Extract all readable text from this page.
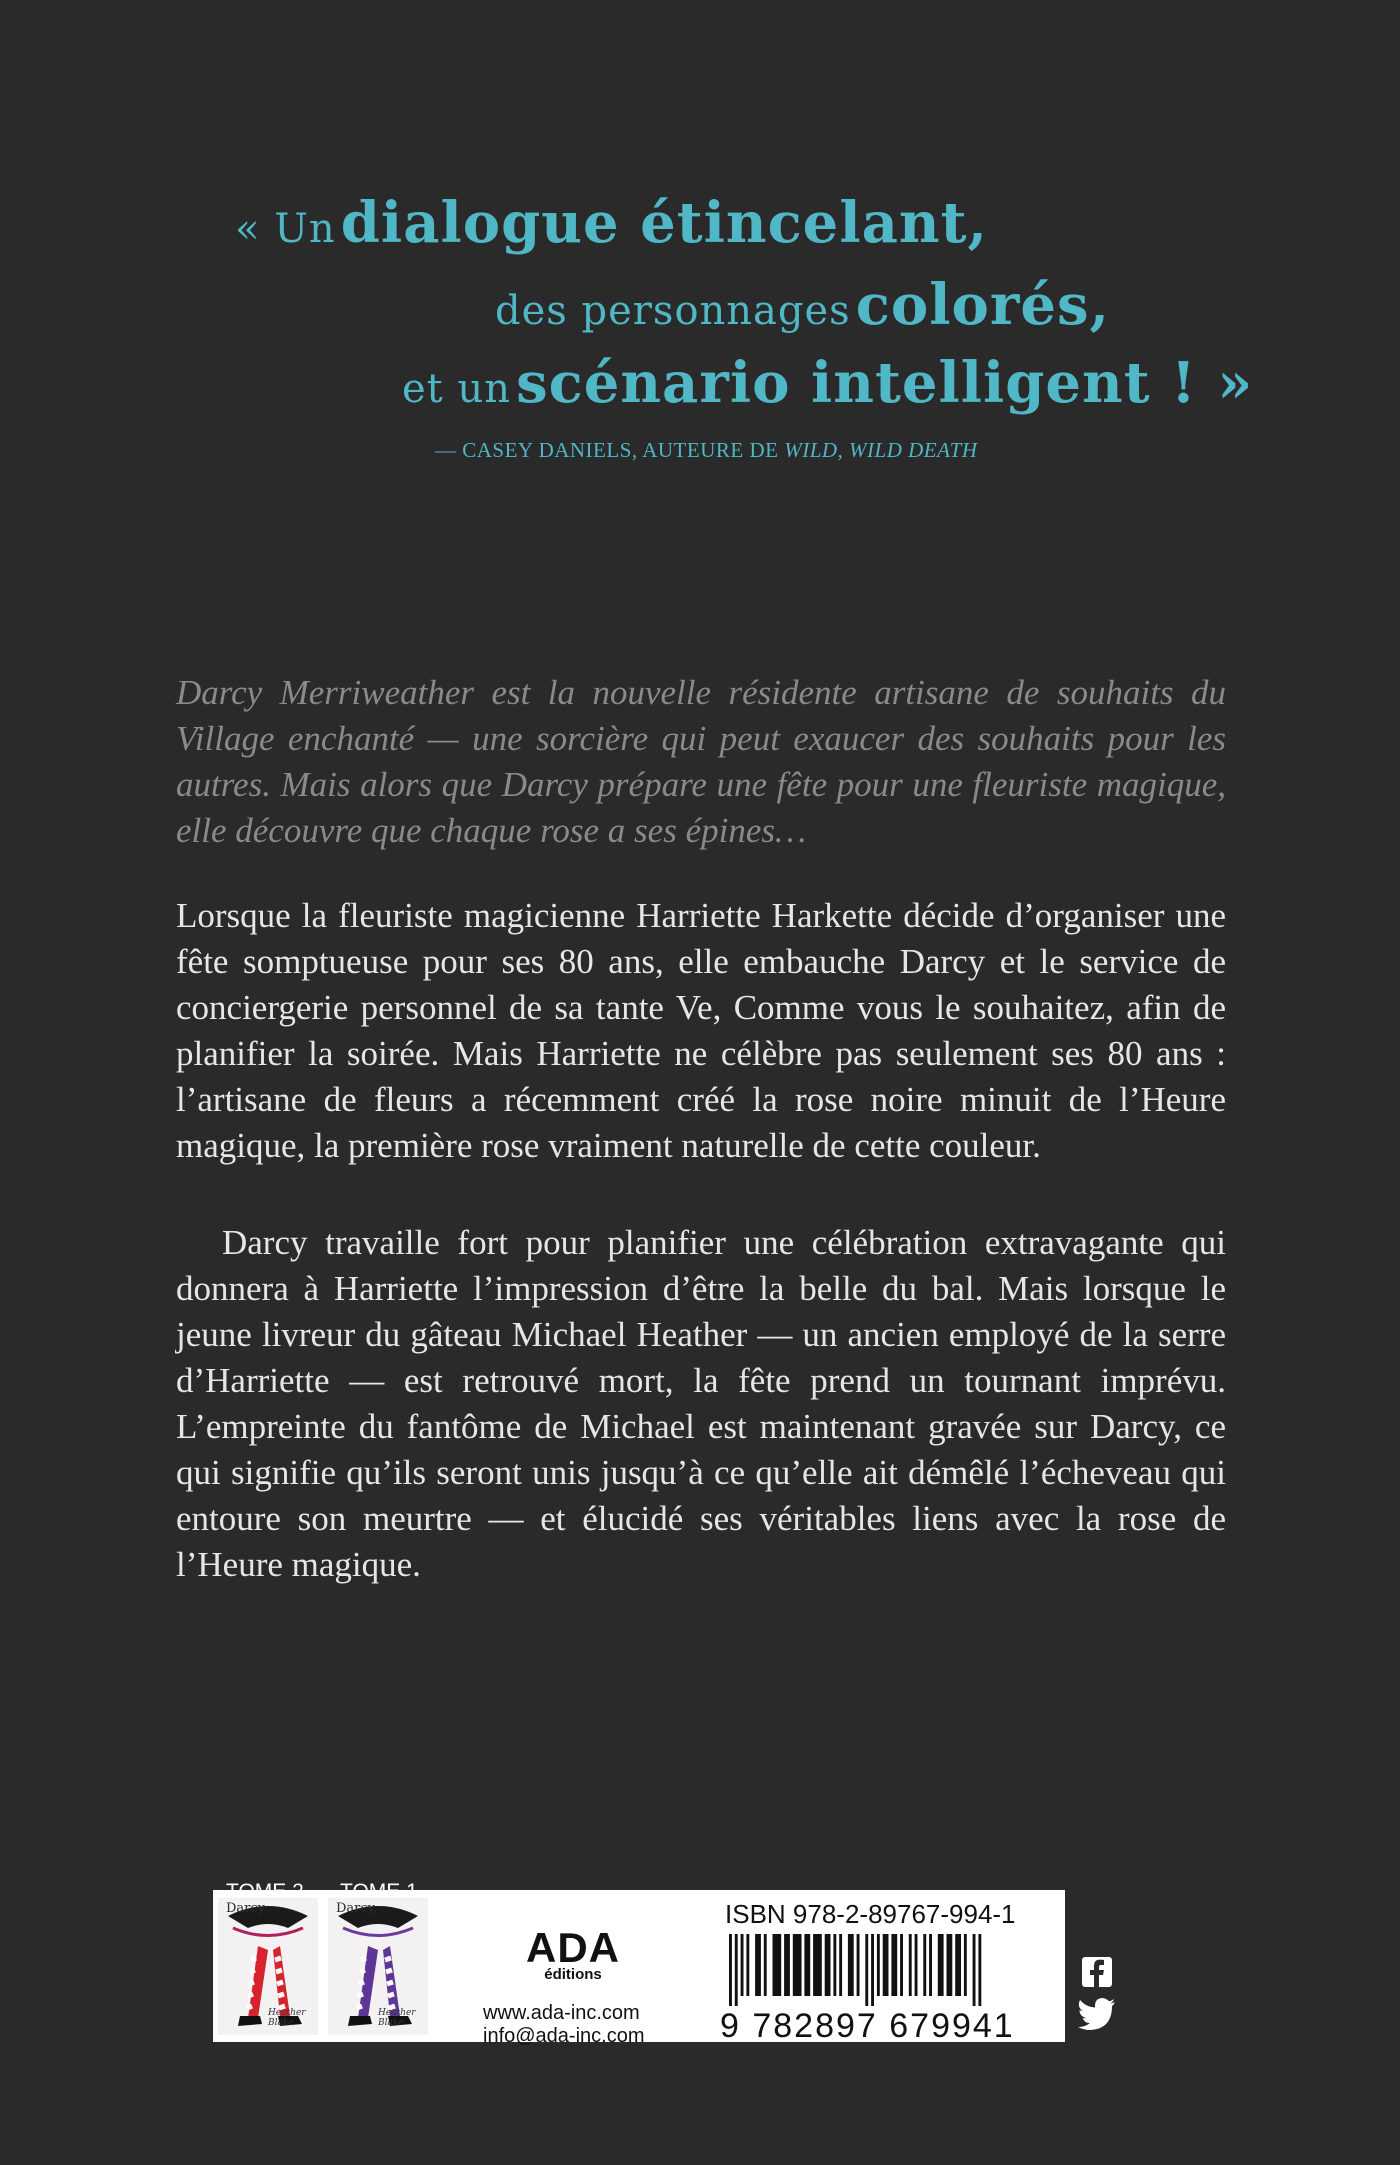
« Un dialogue étincelant,
des personnages colorés,
et un scénario intelligent ! »
— CASEY DANIELS, AUTEURE DE WILD, WILD DEATH
Darcy Merriweather est la nouvelle résidente artisane de souhaits du Village enchanté — une sorcière qui peut exaucer des souhaits pour les autres. Mais alors que Darcy prépare une fête pour une fleuriste magique, elle découvre que chaque rose a ses épines…
Lorsque la fleuriste magicienne Harriette Harkette décide d’organiser une fête somptueuse pour ses 80 ans, elle embauche Darcy et le service de conciergerie personnel de sa tante Ve, Comme vous le souhaitez, afin de planifier la soirée. Mais Harriette ne célèbre pas seulement ses 80 ans : l’artisane de fleurs a récemment créé la rose noire minuit de l’Heure magique, la première rose vraiment naturelle de cette couleur.
Darcy travaille fort pour planifier une célébration extravagante qui donnera à Harriette l’impression d’être la belle du bal. Mais lorsque le jeune livreur du gâteau Michael Heather — un ancien employé de la serre d’Harriette — est retrouvé mort, la fête prend un tournant imprévu. L’empreinte du fantôme de Michael est maintenant gravée sur Darcy, ce qui signifie qu’ils seront unis jusqu’à ce qu’elle ait démêlé l’écheveau qui entoure son meurtre — et élucidé ses véritables liens avec la rose de l’Heure magique.
Darcy,
Heather Blake
Darcy,
Heather Blake
ADA
éditions
www.ada-inc.com
info@ada-inc.com
ISBN 978-2-89767-994-1
9 782897 679941
